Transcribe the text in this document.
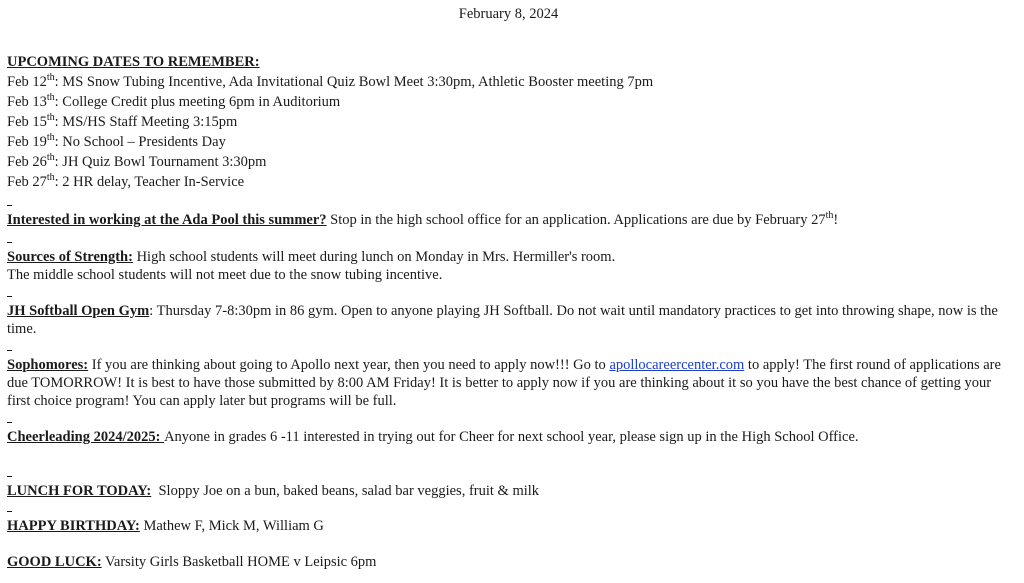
February 8, 2024
UPCOMING DATES TO REMEMBER:
Feb 12th: MS Snow Tubing Incentive, Ada Invitational Quiz Bowl Meet 3:30pm, Athletic Booster meeting 7pm
Feb 13th: College Credit plus meeting 6pm in Auditorium
Feb 15th: MS/HS Staff Meeting 3:15pm
Feb 19th: No School – Presidents Day
Feb 26th: JH Quiz Bowl Tournament 3:30pm
Feb 27th: 2 HR delay, Teacher In-Service
Interested in working at the Ada Pool this summer? Stop in the high school office for an application. Applications are due by February 27th!
Sources of Strength: High school students will meet during lunch on Monday in Mrs. Hermiller's room.
The middle school students will not meet due to the snow tubing incentive.
JH Softball Open Gym: Thursday 7-8:30pm in 86 gym. Open to anyone playing JH Softball. Do not wait until mandatory practices to get into throwing shape, now is the time.
Sophomores: If you are thinking about going to Apollo next year, then you need to apply now!!! Go to apollocareercenter.com to apply! The first round of applications are due TOMORROW! It is best to have those submitted by 8:00 AM Friday! It is better to apply now if you are thinking about it so you have the best chance of getting your first choice program! You can apply later but programs will be full.
Cheerleading 2024/2025: Anyone in grades 6 -11 interested in trying out for Cheer for next school year, please sign up in the High School Office.
LUNCH FOR TODAY:  Sloppy Joe on a bun, baked beans, salad bar veggies, fruit & milk
HAPPY BIRTHDAY: Mathew F, Mick M, William G
GOOD LUCK: Varsity Girls Basketball HOME v Leipsic 6pm
